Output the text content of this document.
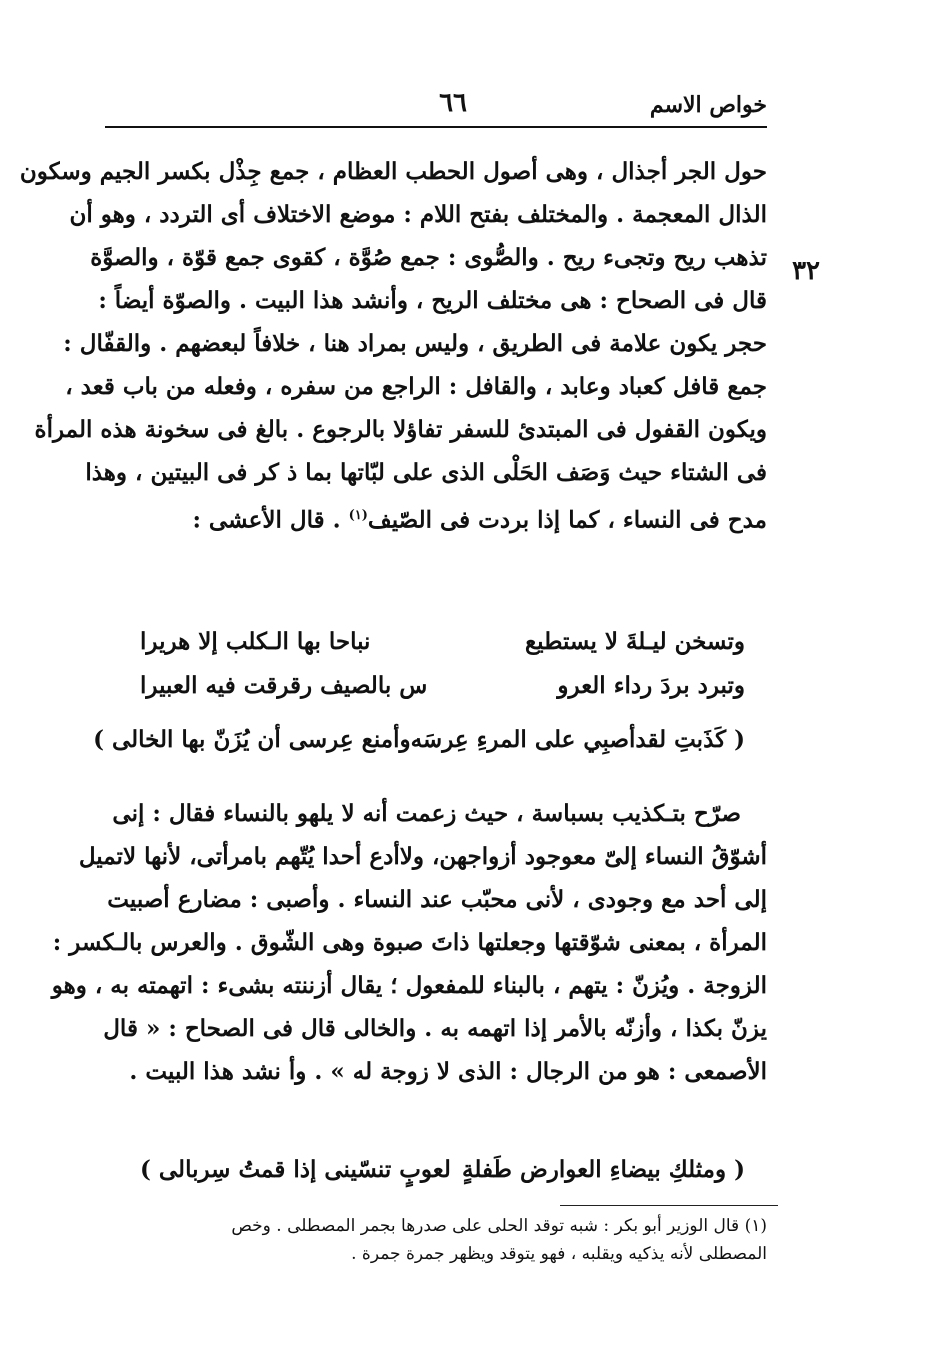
خواص الاسم
٦٦
٣٢
حول الجر أجذال ، وهى أصول الحطب العظام ، جمع جِذْل بكسر الجيم وسكون
الذال المعجمة . والمختلف بفتح اللام : موضع الاختلاف أى التردد ، وهو أن
تذهب ريح وتجىء ريح . والصُّوى : جمع صُوَّة ، كقوى جمع قوّة ، والصوَّة
قال فى الصحاح : هى مختلف الريح ، وأنشد هذا البيت . والصوّة أيضاً :
حجر يكون علامة فى الطريق ، وليس بمراد هنا ، خلافاً لبعضهم . والقفّال :
جمع قافل كعباد وعابد ، والقافل : الراجع من سفره ، وفعله من باب قعد ،
ويكون القفول فى المبتدئ للسفر تفاؤلا بالرجوع . بالغ فى سخونة هذه المرأة
فى الشتاء حيث وَصَف الحَلْى الذى على لبّاتها بما ذ كر فى البيتين ، وهذا
مدح فى النساء ، كما إذا بردت فى الصّيف$^{(١)}$ . قال الأعشى :
وتسخن ليـلةَ لا يستطيع
نباحا بها الـكلب إلا هريرا
وتبرد بردَ رداء العرو
س بالصيف رقرقت فيه العبيرا
( كَذَبتِ لقدأصبِي على المرءِ عِرسَه
وأمنع عِرسى أن يُزَنّ بها الخالى )
صرّح بتـكذيب بسباسة ، حيث زعمت أنه لا يلهو بالنساء فقال : إنى
أشوّقُ النساء إلىّ معوجود أزواجهن، ولاأدع أحدا يُتّهم بامرأتى، لأنها لاتميل
إلى أحد مع وجودى ، لأنى محبّب عند النساء . وأصبى : مضارع أصبيت
المرأة ، بمعنى شوّقتها وجعلتها ذاتَ صبوة وهى الشّوق . والعرس بالـكسر :
الزوجة . ويُزنّ : يتهم ، بالبناء للمفعول ؛ يقال أزننته بشىء : اتهمته به ، وهو
يزنّ بكذا ، وأزنّه بالأمر إذا اتهمه به . والخالى قال فى الصحاح : « قال
الأصمعى : هو من الرجال : الذى لا زوجة له » . وأ نشد هذا البيت .
( ومثلكِ بيضاءِ العوارض طَفلةٍ
لعوبٍ تنسّينى إذا قمتُ سِربالى )
(١) قال الوزير أبو بكر : شبه توقد الحلى على صدرها بجمر المصطلى . وخص
المصطلى لأنه يذكيه ويقلبه ، فهو يتوقد ويظهر جمرة جمرة .
